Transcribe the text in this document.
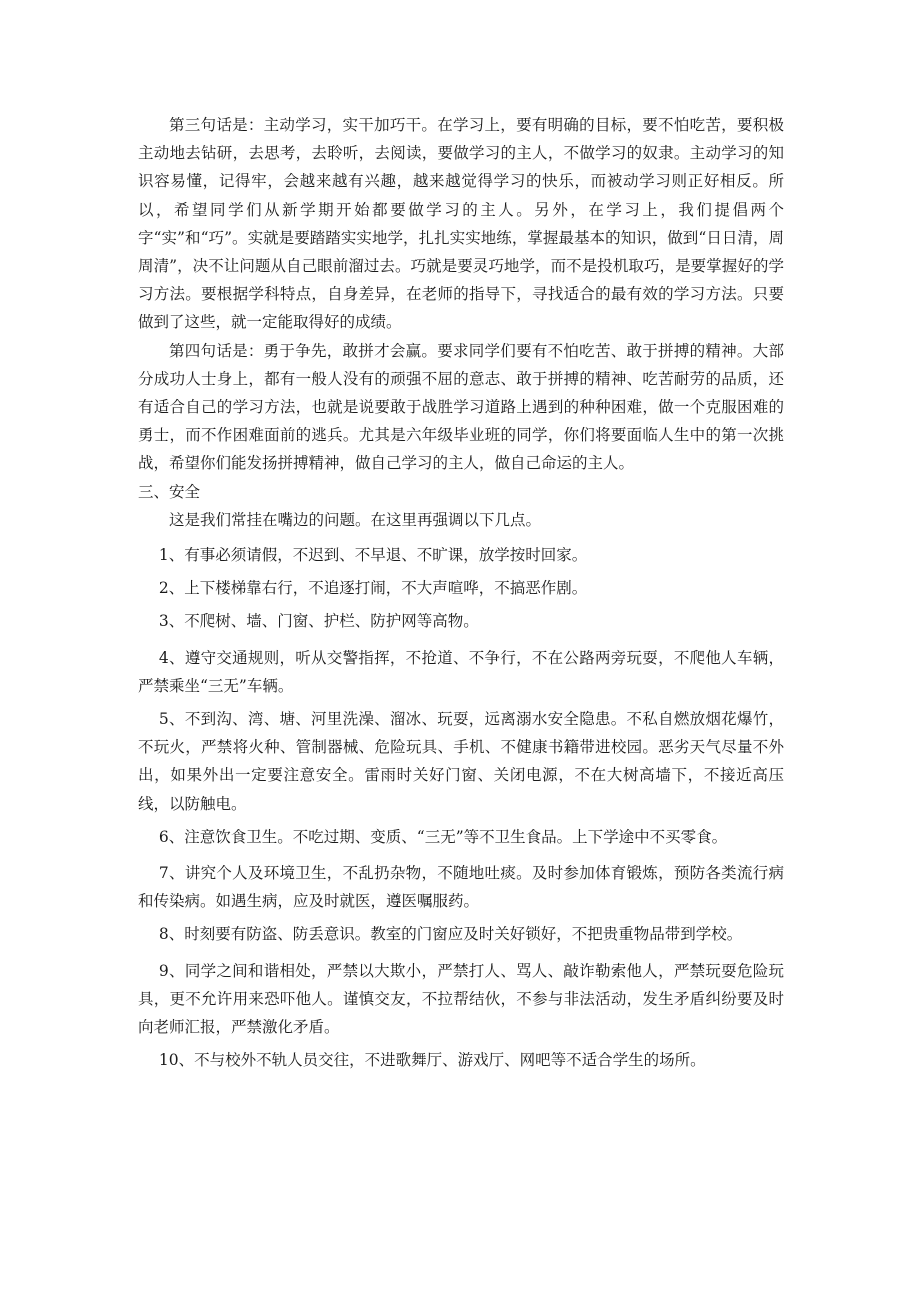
第三句话是：主动学习，实干加巧干。在学习上，要有明确的目标，要不怕吃苦，要积极主动地去钻研，去思考，去聆听，去阅读，要做学习的主人，不做学习的奴隶。主动学习的知识容易懂，记得牢，会越来越有兴趣，越来越觉得学习的快乐，而被动学习则正好相反。所以，希望同学们从新学期开始都要做学习的主人。另外，在学习上，我们提倡两个字“实”和“巧”。实就是要踏踏实实地学，扎扎实实地练，掌握最基本的知识，做到“日日清，周周清”，决不让问题从自己眼前溜过去。巧就是要灵巧地学，而不是投机取巧，是要掌握好的学习方法。要根据学科特点，自身差异，在老师的指导下，寻找适合的最有效的学习方法。只要做到了这些，就一定能取得好的成绩。

第四句话是：勇于争先，敢拼才会赢。要求同学们要有不怕吃苦、敢于拼搏的精神。大部分成功人士身上，都有一般人没有的顽强不屈的意志、敢于拼搏的精神、吃苦耐劳的品质，还有适合自己的学习方法，也就是说要敢于战胜学习道路上遇到的种种困难，做一个克服困难的勇士，而不作困难面前的逃兵。尤其是六年级毕业班的同学，你们将要面临人生中的第一次挑战，希望你们能发扬拼搏精神，做自己学习的主人，做自己命运的主人。

三、安全

这是我们常挂在嘴边的问题。在这里再强调以下几点。

1、有事必须请假，不迟到、不早退、不旷课，放学按时回家。

2、上下楼梯靠右行，不追逐打闹，不大声喧哗，不搞恶作剧。

3、不爬树、墙、门窗、护栏、防护网等高物。

4、遵守交通规则，听从交警指挥，不抢道、不争行，不在公路两旁玩耍，不爬他人车辆，严禁乘坐“三无”车辆。

5、不到沟、湾、塘、河里洗澡、溜冰、玩耍，远离溺水安全隐患。不私自燃放烟花爆竹，不玩火，严禁将火种、管制器械、危险玩具、手机、不健康书籍带进校园。恶劣天气尽量不外出，如果外出一定要注意安全。雷雨时关好门窗、关闭电源，不在大树高墙下，不接近高压线，以防触电。

6、注意饮食卫生。不吃过期、变质、“三无”等不卫生食品。上下学途中不买零食。

7、讲究个人及环境卫生，不乱扔杂物，不随地吐痰。及时参加体育锻炼，预防各类流行病和传染病。如遇生病，应及时就医，遵医嘱服药。

8、时刻要有防盗、防丢意识。教室的门窗应及时关好锁好，不把贵重物品带到学校。

9、同学之间和谐相处，严禁以大欺小，严禁打人、骂人、敲诈勒索他人，严禁玩耍危险玩具，更不允许用来恐吓他人。谨慎交友，不拉帮结伙，不参与非法活动，发生矛盾纠纷要及时向老师汇报，严禁激化矛盾。

10、不与校外不轨人员交往，不进歌舞厅、游戏厅、网吧等不适合学生的场所。
